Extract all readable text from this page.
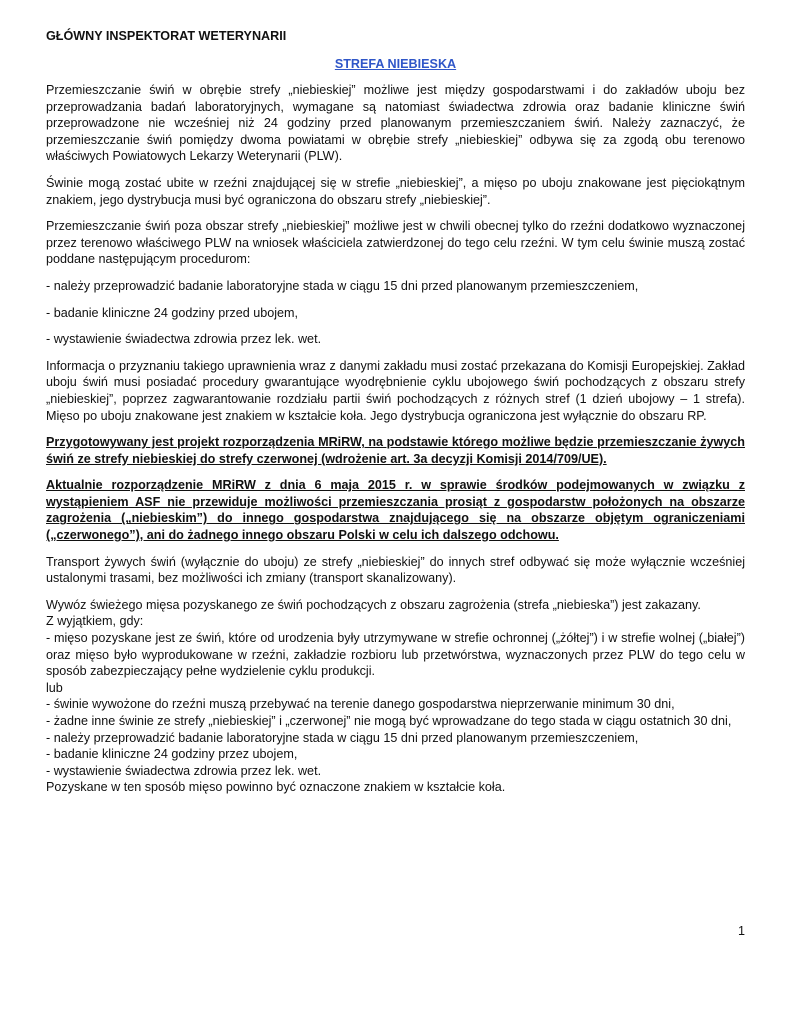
GŁÓWNY INSPEKTORAT WETERYNARII
STREFA NIEBIESKA

Przemieszczanie świń w obrębie strefy „niebieskiej” możliwe jest między gospodarstwami i do zakładów uboju bez przeprowadzania badań laboratoryjnych, wymagane są natomiast świadectwa zdrowia oraz badanie kliniczne świń przeprowadzone nie wcześniej niż 24 godziny przed planowanym przemieszczaniem świń. Należy zaznaczyć, że przemieszczanie świń pomiędzy dwoma powiatami w obrębie strefy „niebieskiej” odbywa się za zgodą obu terenowo właściwych Powiatowych Lekarzy Weterynarii (PLW).

Świnie mogą zostać ubite w rzeźni znajdującej się w strefie „niebieskiej”, a mięso po uboju znakowane jest pięciokątnym znakiem, jego dystrybucja musi być ograniczona do obszaru strefy „niebieskiej”.

Przemieszczanie świń poza obszar strefy „niebieskiej” możliwe jest w chwili obecnej tylko do rzeźni dodatkowo wyznaczonej przez terenowo właściwego PLW na wniosek właściciela zatwierdzonej do tego celu rzeźni. W tym celu świnie muszą zostać poddane następującym procedurom:

- należy przeprowadzić badanie laboratoryjne stada w ciągu 15 dni przed planowanym przemieszczeniem,

- badanie kliniczne 24 godziny przed ubojem,

- wystawienie świadectwa zdrowia przez lek. wet.

Informacja o przyznaniu takiego uprawnienia wraz z danymi zakładu musi zostać przekazana do Komisji Europejskiej. Zakład uboju świń musi posiadać procedury gwarantujące wyodrębnienie cyklu ubojowego świń pochodzących z obszaru strefy „niebieskiej”, poprzez zagwarantowanie rozdziału partii świń pochodzących z różnych stref (1 dzień ubojowy – 1 strefa). Mięso po uboju znakowane jest znakiem w kształcie koła. Jego dystrybucja ograniczona jest wyłącznie do obszaru RP.

Przygotowywany jest projekt rozporządzenia MRiRW, na podstawie którego możliwe będzie przemieszczanie żywych świń ze strefy niebieskiej do strefy czerwonej (wdrożenie art. 3a decyzji Komisji 2014/709/UE).

Aktualnie rozporządzenie MRiRW z dnia 6 maja 2015 r. w sprawie środków podejmowanych w związku z wystąpieniem ASF nie przewiduje możliwości przemieszczania prosiąt z gospodarstw położonych na obszarze zagrożenia („niebieskim”) do innego gospodarstwa znajdującego się na obszarze objętym ograniczeniami („czerwonego”), ani do żadnego innego obszaru Polski w celu ich dalszego odchowu.

Transport żywych świń (wyłącznie do uboju) ze strefy „niebieskiej” do innych stref odbywać się może wyłącznie wcześniej ustalonymi trasami, bez możliwości ich zmiany (transport skanalizowany).

Wywóz świeżego mięsa pozyskanego ze świń pochodzących z obszaru zagrożenia (strefa „niebieska”) jest zakazany.

Z wyjątkiem, gdy:

- mięso pozyskane jest ze świń, które od urodzenia były utrzymywane w strefie ochronnej („żółtej”) i w strefie wolnej („białej”) oraz mięso było wyprodukowane w rzeźni, zakładzie rozbioru lub przetwórstwa, wyznaczonych przez PLW do tego celu w sposób zabezpieczający pełne wydzielenie cyklu produkcji.

lub

- świnie wywożone do rzeźni muszą przebywać na terenie danego gospodarstwa nieprzerwanie minimum 30 dni,

- żadne inne świnie ze strefy „niebieskiej” i „czerwonej” nie mogą być wprowadzane do tego stada w ciągu ostatnich 30 dni,

- należy przeprowadzić badanie laboratoryjne stada w ciągu 15 dni przed planowanym przemieszczeniem,

- badanie kliniczne 24 godziny przez ubojem,

- wystawienie świadectwa zdrowia przez lek. wet.

Pozyskane w ten sposób mięso powinno być oznaczone znakiem w kształcie koła.

1
